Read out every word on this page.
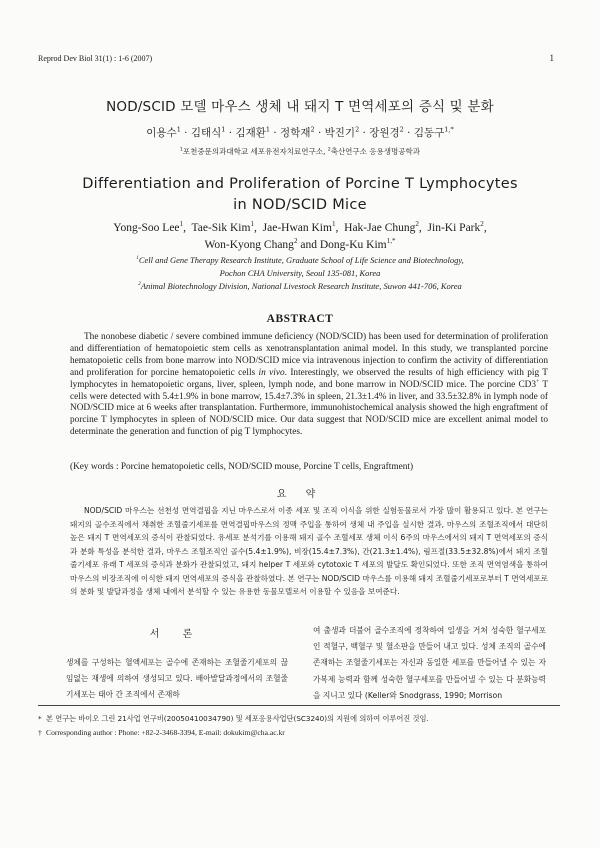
Reprod Dev Biol 31(1) : 1-6 (2007)	1
NOD/SCID 모델 마우스 생체 내 돼지 T 면역세포의 증식 및 분화
이용수$^1$ · 김태식$^1$ · 김재환$^1$ · 정학재$^2$ · 박진기$^2$ · 장원경$^2$ · 김동구$^{1,*}$
$^1$포천중문의과대학교 세포유전자치료연구소, $^2$축산연구소 응용생명공학과
Differentiation and Proliferation of Porcine T Lymphocytes
in NOD/SCID Mice
Yong-Soo Lee$^1$,  Tae-Sik Kim$^1$,  Jae-Hwan Kim$^1$,  Hak-Jae Chung$^2$,  Jin-Ki Park$^2$,
Won-Kyong Chang$^2$ and Dong-Ku Kim$^{1,*}$
$^1$Cell and Gene Therapy Research Institute, Graduate School of Life Science and Biotechnology,
Pochon CHA University, Seoul 135-081, Korea
$^2$Animal Biotechnology Division, National Livestock Research Institute, Suwon 441-706, Korea
ABSTRACT

The nonobese diabetic / severe combined immune deficiency (NOD/SCID) has been used for determination of proliferation and differentiation of hematopoietic stem cells as xenotransplantation animal model. In this study, we transplanted porcine hematopoietic cells from bone marrow into NOD/SCID mice via intravenous injection to confirm the activity of differentiation and proliferation for porcine hematopoietic cells in vivo. Interestingly, we observed the results of high efficiency with pig T lymphocytes in hematopoietic organs, liver, spleen, lymph node, and bone marrow in NOD/SCID mice. The porcine CD3+ T cells were detected with 5.4±1.9% in bone marrow, 15.4±7.3% in spleen, 21.3±1.4% in liver, and 33.5±32.8% in lymph node of NOD/SCID mice at 6 weeks after transplantation. Furthermore, immunohistochemical analysis showed the high engraftment of porcine T lymphocytes in spleen of NOD/SCID mice. Our data suggest that NOD/SCID mice are excellent animal model to determinate the generation and function of pig T lymphocytes.

(Key words : Porcine hematopoietic cells, NOD/SCID mouse, Porcine T cells, Engraftment)
요 약

NOD/SCID 마우스는 선천성 면역결핍을 지닌 마우스로서 이종 세포 및 조직 이식을 위한 실험동물로서 가장 많이 활용되고 있다. 본 연구는 돼지의 골수조직에서 채취한 조혈줄기세포를 면역결핍마우스의 정맥 주입을 통하여 생체 내 주입을 실시한 결과, 마우스의 조혈조직에서 대단히 높은 돼지 T 면역세포의 증식이 관찰되었다. 유세포 분석기를 이용해 돼지 골수 조혈세포 생체 이식 6주의 마우스에서의 돼지 T 면역세포의 증식과 분화 특성을 분석한 결과, 마우스 조혈조직인 골수(5.4±1.9%), 비장(15.4±7.3%), 간(21.3±1.4%), 림프절(33.5±32.8%)에서 돼지 조혈줄기세포 유래 T 세포의 증식과 분화가 관찰되었고, 돼지 helper T 세포와 cytotoxic T 세포의 발달도 확인되었다. 또한 조직 면역염색을 통하여 마우스의 비장조직에 이식한 돼지 면역세포의 증식을 관찰하였다. 본 연구는 NOD/SCID 마우스를 이용해 돼지 조혈줄기세포로부터 T 면역세포로의 분화 및 발달과정을 생체 내에서 분석할 수 있는 유용한 동물모델로서 이용할 수 있음을 보여준다.

서 론
생체를 구성하는 혈액세포는 골수에 존재하는 조혈줄기세포의 끊임없는 재생에 의하여 생성되고 있다. 배아발달과정에서의 조혈줄기세포는 태아 간 조직에서 존재하
여 출생과 더불어 골수조직에 정착하여 일생을 거쳐 성숙한 혈구세포인 적혈구, 백혈구 및 혈소판을 만들어 내고 있다. 성체 조직의 골수에 존재하는 조혈줄기세포는 자신과 동일한 세포를 만들어낼 수 있는 자가복제 능력과 함께 성숙한 혈구세포를 만들어낼 수 있는 다 분화능력을 지니고 있다 (Keller와 Snodgrass, 1990; Morrison
* 본 연구는 바이오 그린 21사업 연구비(20050410034790) 및 세포응용사업단(SC3240)의 지원에 의하여 이루어진 것임.
† Corresponding author : Phone: +82-2-3468-3394, E-mail: dokukim@cha.ac.kr
